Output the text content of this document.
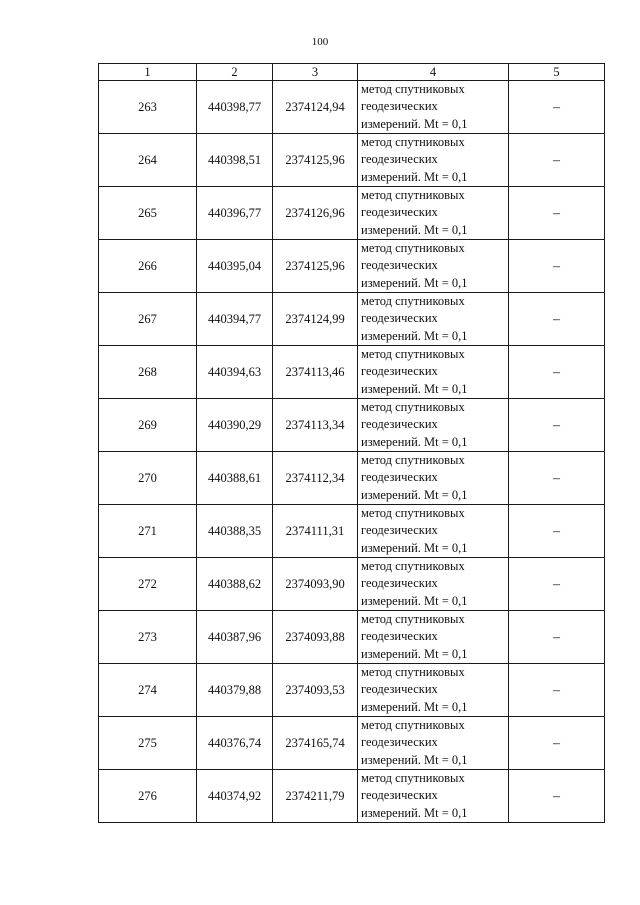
100
1	2	3	4	5
263	440398,77	2374124,94	метод спутниковых
геодезических
измерений. Mt = 0,1	–
264	440398,51	2374125,96	метод спутниковых
геодезических
измерений. Mt = 0,1	–
265	440396,77	2374126,96	метод спутниковых
геодезических
измерений. Mt = 0,1	–
266	440395,04	2374125,96	метод спутниковых
геодезических
измерений. Mt = 0,1	–
267	440394,77	2374124,99	метод спутниковых
геодезических
измерений. Mt = 0,1	–
268	440394,63	2374113,46	метод спутниковых
геодезических
измерений. Mt = 0,1	–
269	440390,29	2374113,34	метод спутниковых
геодезических
измерений. Mt = 0,1	–
270	440388,61	2374112,34	метод спутниковых
геодезических
измерений. Mt = 0,1	–
271	440388,35	2374111,31	метод спутниковых
геодезических
измерений. Mt = 0,1	–
272	440388,62	2374093,90	метод спутниковых
геодезических
измерений. Mt = 0,1	–
273	440387,96	2374093,88	метод спутниковых
геодезических
измерений. Mt = 0,1	–
274	440379,88	2374093,53	метод спутниковых
геодезических
измерений. Mt = 0,1	–
275	440376,74	2374165,74	метод спутниковых
геодезических
измерений. Mt = 0,1	–
276	440374,92	2374211,79	метод спутниковых
геодезических
измерений. Mt = 0,1	–
